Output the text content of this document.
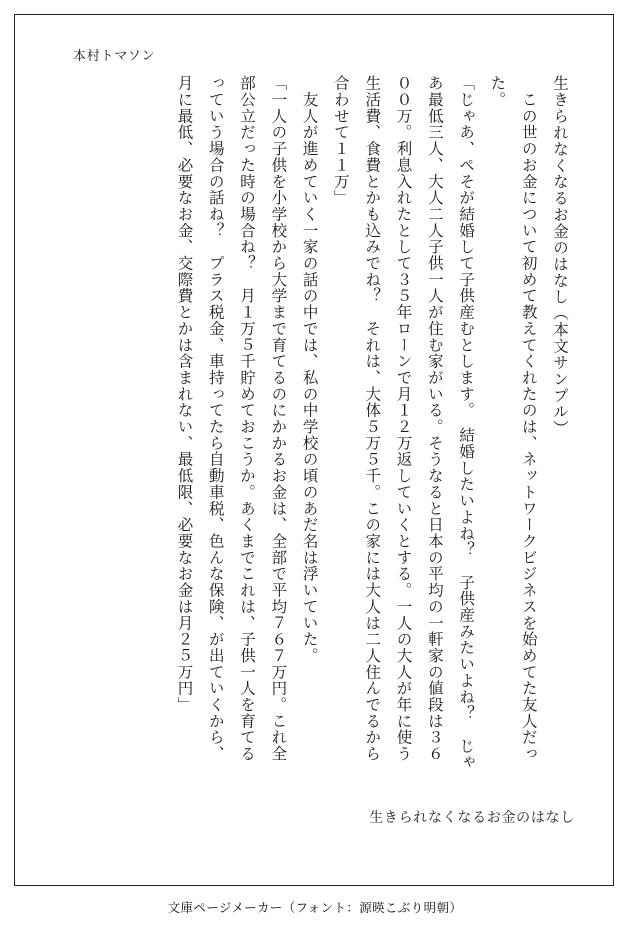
本村トマソン
生きられなくなるお金のはなし（本文サンプル）

　この世のお金について初めて教えてくれたのは、ネットワークビジネスを始めてた友人だった。

「じゃあ、ぺそが結婚して子供産むとします。　結婚したいよね？　子供産みたいよね？　じゃあ最低三人、大人二人子供一人が住む家がいる。そうなると日本の平均の一軒家の値段は３６００万。利息入れたとして３５年ローンで月１２万返していくとする。一人の大人が年に使う生活費、食費とかも込みでね？　それは、大体５万５千。この家には大人は二人住んでるから合わせて１１万」

　友人が進めていく一家の話の中では、私の中学校の頃のあだ名は浮いていた。

「一人の子供を小学校から大学まで育てるのにかかるお金は、全部で平均７６７万円。これ全部公立だった時の場合ね？　月１万５千貯めておこうか。あくまでこれは、子供一人を育てるっていう場合の話ね？　プラス税金、車持ってたら自動車税、色んな保険、が出ていくから、月に最低、必要なお金、交際費とかは含まれない、最低限、必要なお金は月２５万円」

生きられなくなるお金のはなし
文庫ページメーカー（フォント：源暎こぶり明朝）
